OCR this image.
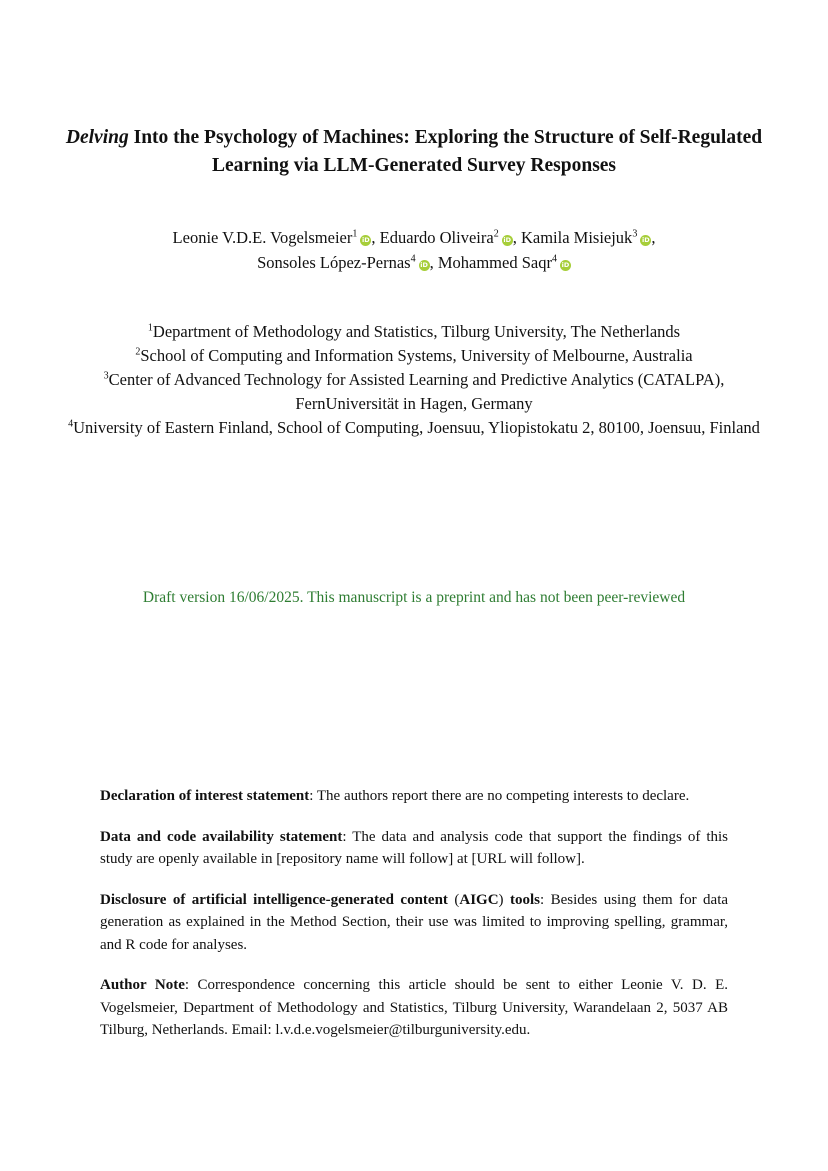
Delving Into the Psychology of Machines: Exploring the Structure of Self-Regulated Learning via LLM-Generated Survey Responses
Leonie V.D.E. Vogelsmeier$^1$iD , Eduardo Oliveira$^2$iD , Kamila Misiejuk$^3$iD ,
Sonsoles López-Pernas$^4$iD , Mohammed Saqr$^4$iD

$^1$Department of Methodology and Statistics, Tilburg University, The Netherlands

$^2$School of Computing and Information Systems, University of Melbourne, Australia

$^3$Center of Advanced Technology for Assisted Learning and Predictive Analytics (CATALPA), FernUniversität in Hagen, Germany

$^4$University of Eastern Finland, School of Computing, Joensuu, Yliopistokatu 2, 80100, Joensuu, Finland

Draft version 16/06/2025. This manuscript is a preprint and has not been peer-reviewed

Declaration of interest statement: The authors report there are no competing interests to declare.

Data and code availability statement: The data and analysis code that support the findings of this study are openly available in [repository name will follow] at [URL will follow].

Disclosure of artificial intelligence-generated content (AIGC) tools: Besides using them for data generation as explained in the Method Section, their use was limited to improving spelling, grammar, and R code for analyses.

Author Note: Correspondence concerning this article should be sent to either Leonie V. D. E. Vogelsmeier, Department of Methodology and Statistics, Tilburg University, Warandelaan 2, 5037 AB Tilburg, Netherlands. Email: l.v.d.e.vogelsmeier@tilburguniversity.edu.
